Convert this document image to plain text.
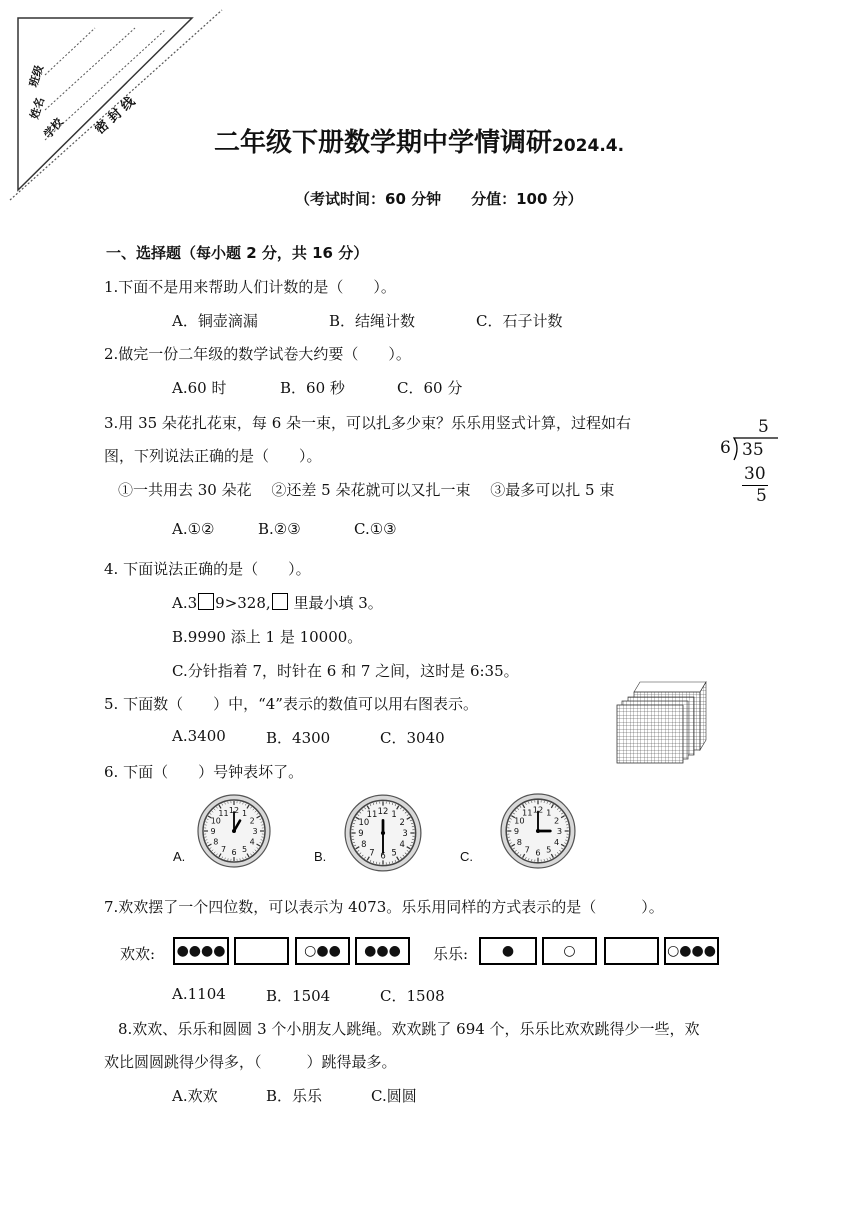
班级
姓名
学校 密 封 线
二年级下册数学期中学情调研2024.4.
（考试时间：60 分钟　　分值：100 分）
一、选择题（每小题 2 分，共 16 分）
1.下面不是用来帮助人们计数的是（　　）。
A．铜壶滴漏	B．结绳计数	C．石子计数
2.做完一份二年级的数学试卷大约要（　　）。
A.60 时	B．60 秒	C．60 分
3.用 35 朵花扎花束，每 6 朵一束，可以扎多少束？乐乐用竖式计算，过程如右
图，下列说法正确的是（　　）。
①一共用去 30 朵花　 ②还差 5 朵花就可以又扎一束　 ③最多可以扎 5 束
A.①②	B.②③	C.①③
5
6 35
30
5
4. 下面说法正确的是（　　）。
A.3 9>328, 里最小填 3。
B.9990 添上 1 是 10000。
C.分针指着 7，时针在 6 和 7 之间，这时是 6:35。
5. 下面数（　　）中，“4”表示的数值可以用右图表示。
A.3400	B．4300	C．3040
6. 下面（　　）号钟表坏了。
12 1
2
3
4
5
6
7
8
9
10
11	12 1
2
3
4
5
6
7
8
9
10
11	12 1
2
3
4
5
6
7
8
9
10
11
A.	B.	C.
7.欢欢摆了一个四位数，可以表示为 4073。乐乐用同样的方式表示的是（　　　）。
欢欢: ●●●●	○●●	●●●	乐乐:	●	○	○●●●
A.1104	B．1504	C．1508
8.欢欢、乐乐和圆圆 3 个小朋友人跳绳。欢欢跳了 694 个，乐乐比欢欢跳得少一些，欢
欢比圆圆跳得少得多，（　　　）跳得最多。
A.欢欢	B．乐乐	C.圆圆
